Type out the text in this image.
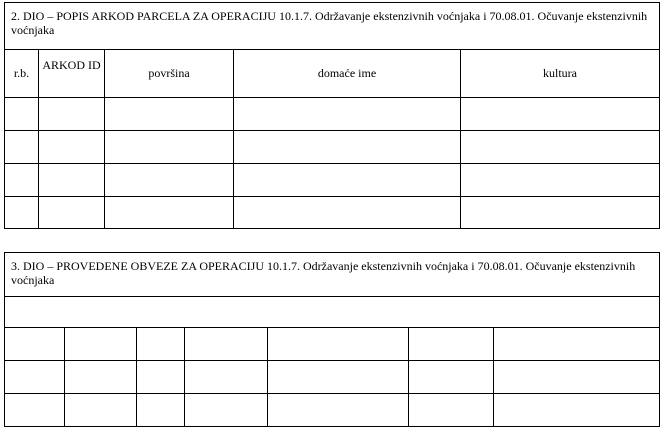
2. DIO – POPIS ARKOD PARCELA ZA OPERACIJU 10.1.7. Održavanje ekstenzivnih voćnjaka i 70.08.01. Očuvanje ekstenzivnih voćnjaka				
r.b.	ARKOD ID	površina	domaće ime	kultura

3. DIO – PROVEDENE OBVEZE ZA OPERACIJU 10.1.7. Održavanje ekstenzivnih voćnjaka i 70.08.01. Očuvanje ekstenzivnih voćnjaka						
